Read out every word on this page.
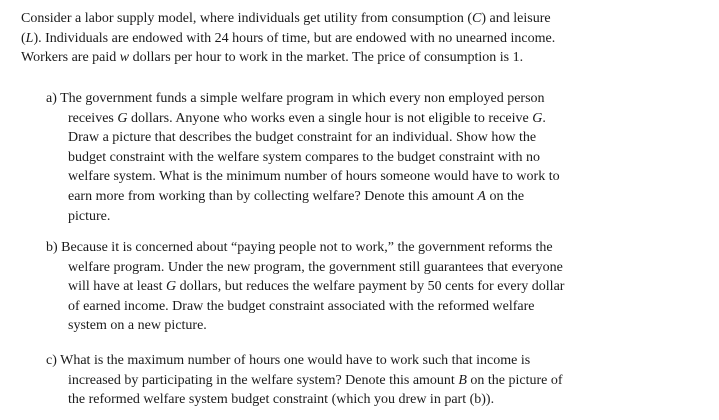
Consider a labor supply model, where individuals get utility from consumption (C) and leisure

(L). Individuals are endowed with 24 hours of time, but are endowed with no unearned income.

Workers are paid w dollars per hour to work in the market. The price of consumption is 1.

a) The government funds a simple welfare program in which every non employed person

receives G dollars. Anyone who works even a single hour is not eligible to receive G.

Draw a picture that describes the budget constraint for an individual. Show how the

budget constraint with the welfare system compares to the budget constraint with no

welfare system. What is the minimum number of hours someone would have to work to

earn more from working than by collecting welfare? Denote this amount A on the

picture.

b) Because it is concerned about “paying people not to work,” the government reforms the

welfare program. Under the new program, the government still guarantees that everyone

will have at least G dollars, but reduces the welfare payment by 50 cents for every dollar

of earned income. Draw the budget constraint associated with the reformed welfare

system on a new picture.

c) What is the maximum number of hours one would have to work such that income is

increased by participating in the welfare system? Denote this amount B on the picture of

the reformed welfare system budget constraint (which you drew in part (b)).
